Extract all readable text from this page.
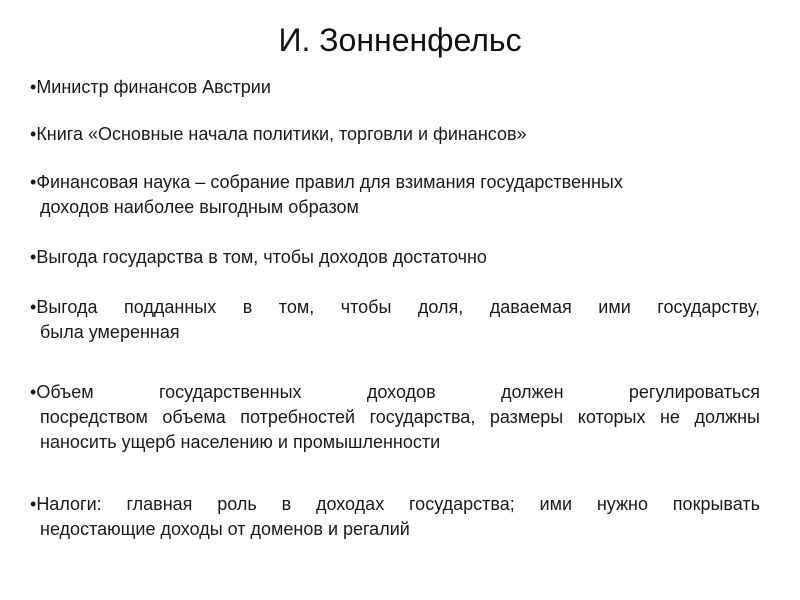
И. Зонненфельс

•Министр финансов Австрии

•Книга «Основные начала политики, торговли и финансов»

•Финансовая наука – собрание правил для взимания государственных
доходов наиболее выгодным образом

•Выгода государства в том, чтобы доходов достаточно

•Выгода подданных в том, чтобы доля, даваемая ими государству,
была умеренная

•Объем государственных доходов должен регулироваться
посредством объема потребностей государства, размеры которых не должны наносить ущерб населению и промышленности

•Налоги: главная роль в доходах государства; ими нужно покрывать
недостающие доходы от доменов и регалий
